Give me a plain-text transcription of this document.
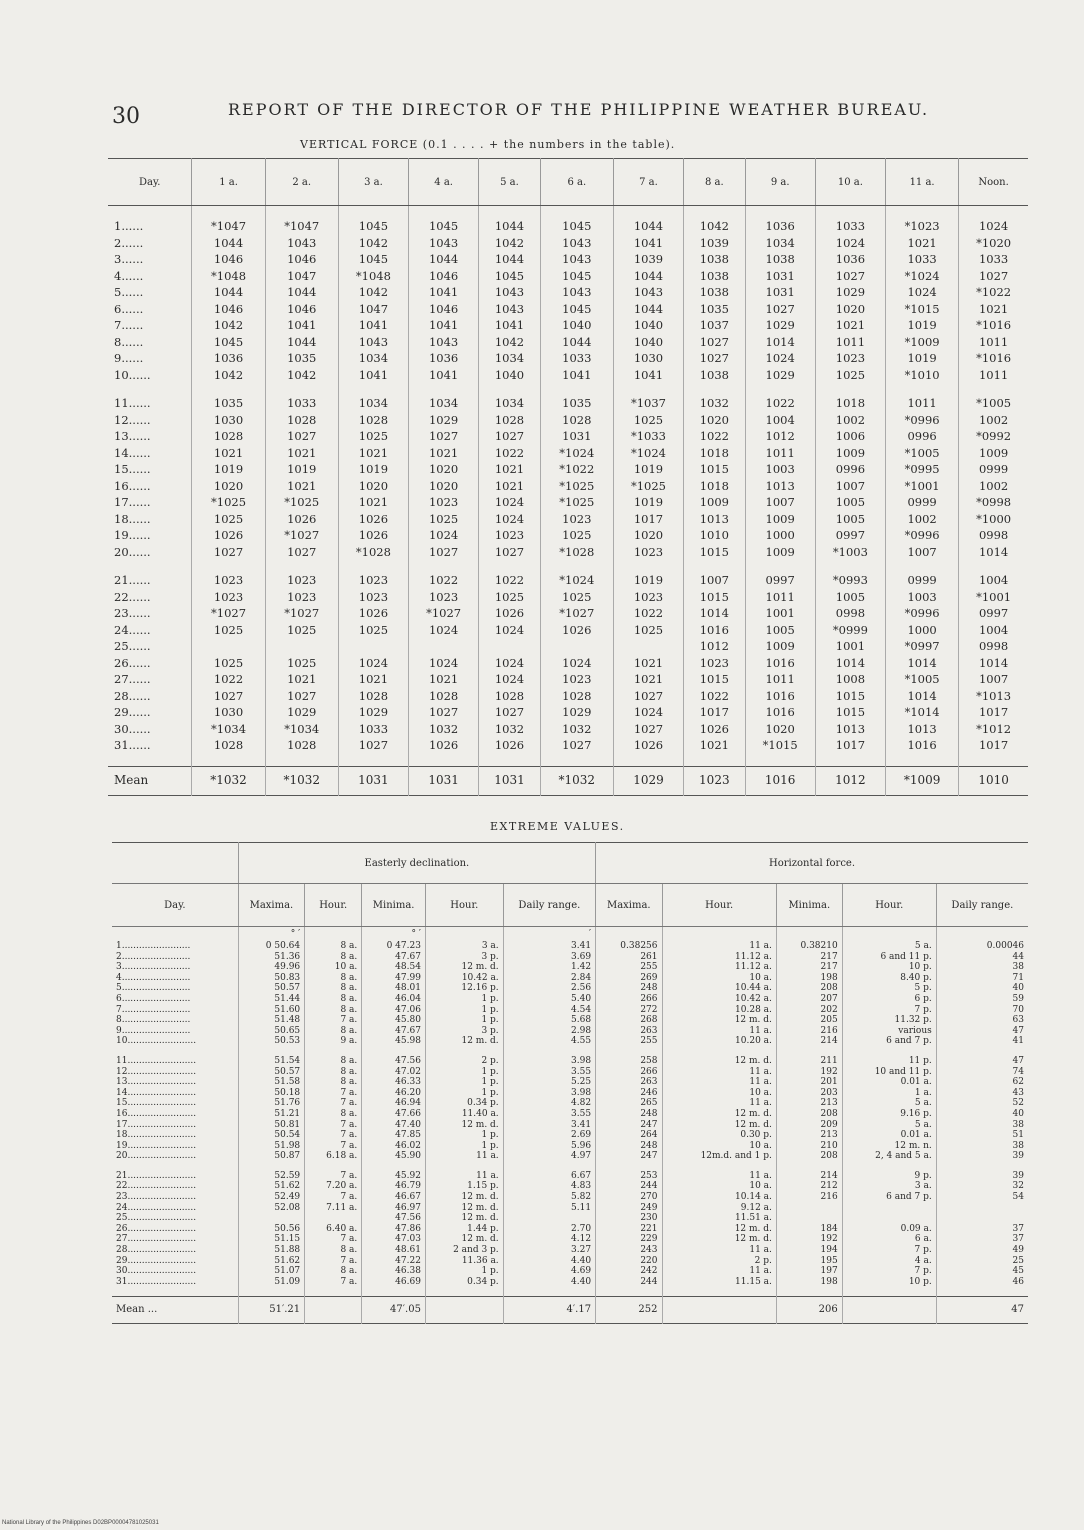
30	REPORT OF THE DIRECTOR OF THE PHILIPPINE WEATHER BUREAU.
VERTICAL FORCE (0.1 . . . . + the numbers in the table).
Day.	1 a.	2 a.	3 a.	4 a.	5 a.	6 a.	7 a.	8 a.	9 a.	10 a.	11 a.	Noon.

1......	*1047	*1047	1045	1045	1044	1045	1044	1042	1036	1033	*1023	1024
2......	1044	1043	1042	1043	1042	1043	1041	1039	1034	1024	1021	*1020
3......	1046	1046	1045	1044	1044	1043	1039	1038	1038	1036	1033	1033
4......	*1048	1047	*1048	1046	1045	1045	1044	1038	1031	1027	*1024	1027
5......	1044	1044	1042	1041	1043	1043	1043	1038	1031	1029	1024	*1022
6......	1046	1046	1047	1046	1043	1045	1044	1035	1027	1020	*1015	1021
7......	1042	1041	1041	1041	1041	1040	1040	1037	1029	1021	1019	*1016
8......	1045	1044	1043	1043	1042	1044	1040	1027	1014	1011	*1009	1011
9......	1036	1035	1034	1036	1034	1033	1030	1027	1024	1023	1019	*1016
10......	1042	1042	1041	1041	1040	1041	1041	1038	1029	1025	*1010	1011

11......	1035	1033	1034	1034	1034	1035	*1037	1032	1022	1018	1011	*1005
12......	1030	1028	1028	1029	1028	1028	1025	1020	1004	1002	*0996	1002
13......	1028	1027	1025	1027	1027	1031	*1033	1022	1012	1006	0996	*0992
14......	1021	1021	1021	1021	1022	*1024	*1024	1018	1011	1009	*1005	1009
15......	1019	1019	1019	1020	1021	*1022	1019	1015	1003	0996	*0995	0999
16......	1020	1021	1020	1020	1021	*1025	*1025	1018	1013	1007	*1001	1002
17......	*1025	*1025	1021	1023	1024	*1025	1019	1009	1007	1005	0999	*0998
18......	1025	1026	1026	1025	1024	1023	1017	1013	1009	1005	1002	*1000
19......	1026	*1027	1026	1024	1023	1025	1020	1010	1000	0997	*0996	0998
20......	1027	1027	*1028	1027	1027	*1028	1023	1015	1009	*1003	1007	1014

21......	1023	1023	1023	1022	1022	*1024	1019	1007	0997	*0993	0999	1004
22......	1023	1023	1023	1023	1025	1025	1023	1015	1011	1005	1003	*1001
23......	*1027	*1027	1026	*1027	1026	*1027	1022	1014	1001	0998	*0996	0997
24......	1025	1025	1025	1024	1024	1026	1025	1016	1005	*0999	1000	1004
25......								1012	1009	1001	*0997	0998
26......	1025	1025	1024	1024	1024	1024	1021	1023	1016	1014	1014	1014
27......	1022	1021	1021	1021	1024	1023	1021	1015	1011	1008	*1005	1007
28......	1027	1027	1028	1028	1028	1028	1027	1022	1016	1015	1014	*1013
29......	1030	1029	1029	1027	1027	1029	1024	1017	1016	1015	*1014	1017
30......	*1034	*1034	1033	1032	1032	1032	1027	1026	1020	1013	1013	*1012
31......	1028	1028	1027	1026	1026	1027	1026	1021	*1015	1017	1016	1017

Mean	*1032	*1032	1031	1031	1031	*1032	1029	1023	1016	1012	*1009	1010
EXTREME VALUES.
	Easterly declination.					Horizontal force.				
Day.	Maxima.	Hour.	Minima.	Hour.	Daily range.	Maxima.	Hour.	Minima.	Hour.	Daily range.
	° ′		° ′		′					
1........................	0 50.64	8 a.	0 47.23	3 a.	3.41	0.38256	11 a.	0.38210	5 a.	0.00046
2........................	51.36	8 a.	47.67	3 p.	3.69	261	11.12 a.	217	6 and 11 p.	44
3........................	49.96	10 a.	48.54	12 m. d.	1.42	255	11.12 a.	217	10 p.	38
4........................	50.83	8 a.	47.99	10.42 a.	2.84	269	10 a.	198	8.40 p.	71
5........................	50.57	8 a.	48.01	12.16 p.	2.56	248	10.44 a.	208	5 p.	40
6........................	51.44	8 a.	46.04	1 p.	5.40	266	10.42 a.	207	6 p.	59
7........................	51.60	8 a.	47.06	1 p.	4.54	272	10.28 a.	202	7 p.	70
8........................	51.48	7 a.	45.80	1 p.	5.68	268	12 m. d.	205	11.32 p.	63
9........................	50.65	8 a.	47.67	3 p.	2.98	263	11 a.	216	various	47
10........................	50.53	9 a.	45.98	12 m. d.	4.55	255	10.20 a.	214	6 and 7 p.	41

11........................	51.54	8 a.	47.56	2 p.	3.98	258	12 m. d.	211	11 p.	47
12........................	50.57	8 a.	47.02	1 p.	3.55	266	11 a.	192	10 and 11 p.	74
13........................	51.58	8 a.	46.33	1 p.	5.25	263	11 a.	201	0.01 a.	62
14........................	50.18	7 a.	46.20	1 p.	3.98	246	10 a.	203	1 a.	43
15........................	51.76	7 a.	46.94	0.34 p.	4.82	265	11 a.	213	5 a.	52
16........................	51.21	8 a.	47.66	11.40 a.	3.55	248	12 m. d.	208	9.16 p.	40
17........................	50.81	7 a.	47.40	12 m. d.	3.41	247	12 m. d.	209	5 a.	38
18........................	50.54	7 a.	47.85	1 p.	2.69	264	0.30 p.	213	0.01 a.	51
19........................	51.98	7 a.	46.02	1 p.	5.96	248	10 a.	210	12 m. n.	38
20........................	50.87	6.18 a.	45.90	11 a.	4.97	247	12m.d. and 1 p.	208	2, 4 and 5 a.	39

21........................	52.59	7 a.	45.92	11 a.	6.67	253	11 a.	214	9 p.	39
22........................	51.62	7.20 a.	46.79	1.15 p.	4.83	244	10 a.	212	3 a.	32
23........................	52.49	7 a.	46.67	12 m. d.	5.82	270	10.14 a.	216	6 and 7 p.	54
24........................	52.08	7.11 a.	46.97	12 m. d.	5.11	249	9.12 a.			
25........................			47.56	12 m. d.		230	11.51 a.			
26........................	50.56	6.40 a.	47.86	1.44 p.	2.70	221	12 m. d.	184	0.09 a.	37
27........................	51.15	7 a.	47.03	12 m. d.	4.12	229	12 m. d.	192	6 a.	37
28........................	51.88	8 a.	48.61	2 and 3 p.	3.27	243	11 a.	194	7 p.	49
29........................	51.62	7 a.	47.22	11.36 a.	4.40	220	2 p.	195	4 a.	25
30........................	51.07	8 a.	46.38	1 p.	4.69	242	11 a.	197	7 p.	45
31........................	51.09	7 a.	46.69	0.34 p.	4.40	244	11.15 a.	198	10 p.	46

Mean ...	51′.21		47′.05		4′.17	252		206		47
National Library of the Philippines D02BP00004781025031
